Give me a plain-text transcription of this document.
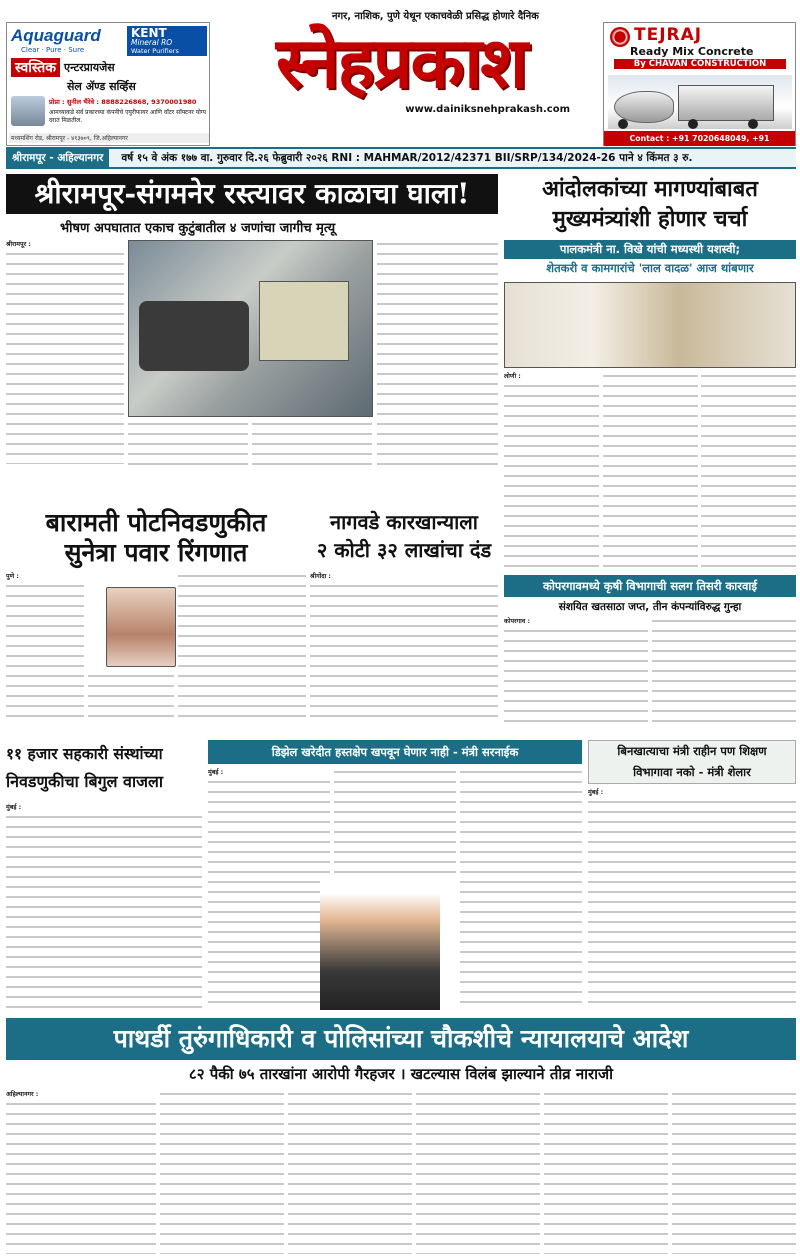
Aquaguard
Clear · Pure · Sure
KENT
Mineral RO
Water Purifiers
स्वस्तिक एन्टरप्रायजेस
सेल ॲण्ड सर्व्हिस
प्रोप्रा : सुनील भैरेवे : 8888226868, 9370001980
आमच्याकडे सर्व प्रकारच्या कंपनीचे एयुरीफायर आणि वॉटर सॉफ्टनर योग्य दरात मिळतील.
मध्यमशिंग रोड, श्रीरामपूर - ४१३७०९, जि.अहिल्यानगर
नगर, नाशिक, पुणे येथून एकाचवेळी प्रसिद्ध होणारे दैनिक
स्नेहप्रकाश
www.dainiksnehprakash.com
TEJRAJ
Ready Mix Concrete
By CHAVAN CONSTRUCTION
Contact : +91 7020648049, +91
श्रीरामपूर - अहिल्यानगर	वर्ष १५ वे अंक १७७ वा. गुरुवार दि.२६ फेब्रुवारी २०२६ RNI : MAHMAR/2012/42371 BII/SRP/134/2024-26 पाने ४ किंमत ३ रु.
श्रीरामपूर-संगमनेर रस्त्यावर काळाचा घाला!
भीषण अपघातात एकाच कुटुंबातील ४ जणांचा जागीच मृत्यू
श्रीरामपूर :
आंदोलकांच्या मागण्यांबाबत
मुख्यमंत्र्यांशी होणार चर्चा
पालकमंत्री ना. विखे यांची मध्यस्थी यशस्वी;
शेतकरी व कामगारांचे 'लाल वादळ' आज थांबणार
लोणी :
बारामती पोटनिवडणुकीत
सुनेत्रा पवार रिंगणात
पुणे :
नागवडे कारखान्याला
२ कोटी ३२ लाखांचा दंड
श्रीगोंदा :
कोपरगावमध्ये कृषी विभागाची सलग तिसरी कारवाई
संशयित खतसाठा जप्त, तीन कंपन्यांविरुद्ध गुन्हा
कोपरगाव :
११ हजार सहकारी संस्थांच्या
निवडणुकीचा बिगुल वाजला
मुंबई :
डिझेल खरेदीत हस्तक्षेप खपवून घेणार नाही - मंत्री सरनाईक
मुंबई :
बिनखात्याचा मंत्री राहीन पण शिक्षण
विभागावा नको - मंत्री शेलार
मुंबई :
पाथर्डी तुरुंगाधिकारी व पोलिसांच्या चौकशीचे न्यायालयाचे आदेश
८२ पैकी ७५ तारखांना आरोपी गैरहजर । खटल्यास विलंब झाल्याने तीव्र नाराजी
अहिल्यानगर :
